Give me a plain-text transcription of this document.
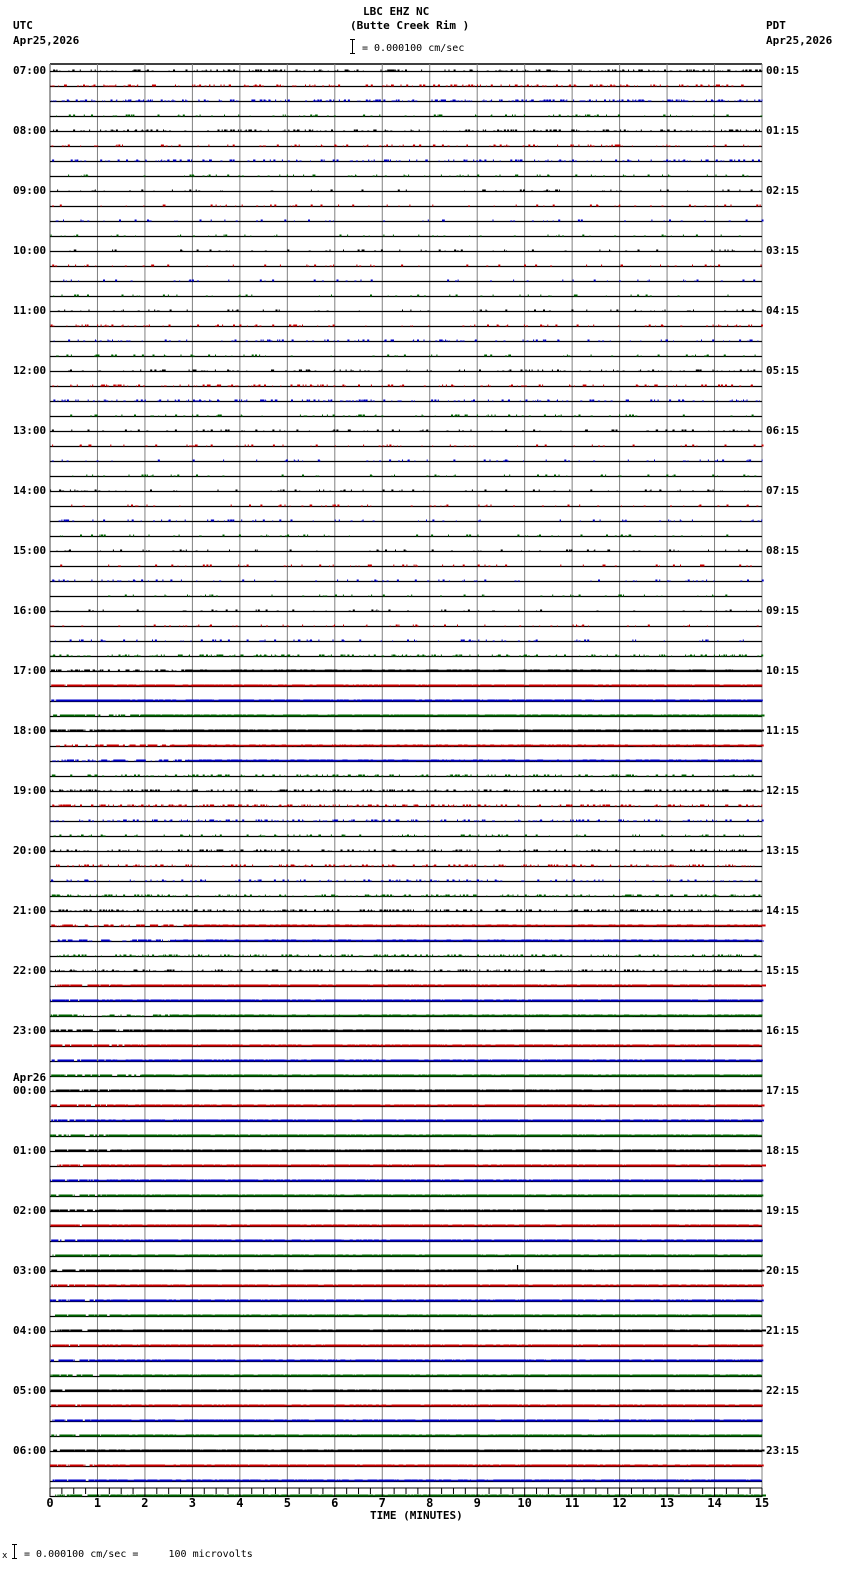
LBC EHZ NC
(Butte Creek Rim )
UTC
Apr25,2026
PDT
Apr25,2026
= 0.000100 cm/sec
07:00
08:00
09:00
10:00
11:00
12:00
13:00
14:00
15:00
16:00
17:00
18:00
19:00
20:00
21:00
22:00
23:00
Apr26
00:00
01:00
02:00
03:00
04:00
05:00
06:00
00:15
01:15
02:15
03:15
04:15
05:15
06:15
07:15
08:15
09:15
10:15
11:15
12:15
13:15
14:15
15:15
16:15
17:15
18:15
19:15
20:15
21:15
22:15
23:15
0	1	2	3	4	5	6	7	8	9	10	11	12	13	14	15
TIME (MINUTES)
x = 0.000100 cm/sec =     100 microvolts
